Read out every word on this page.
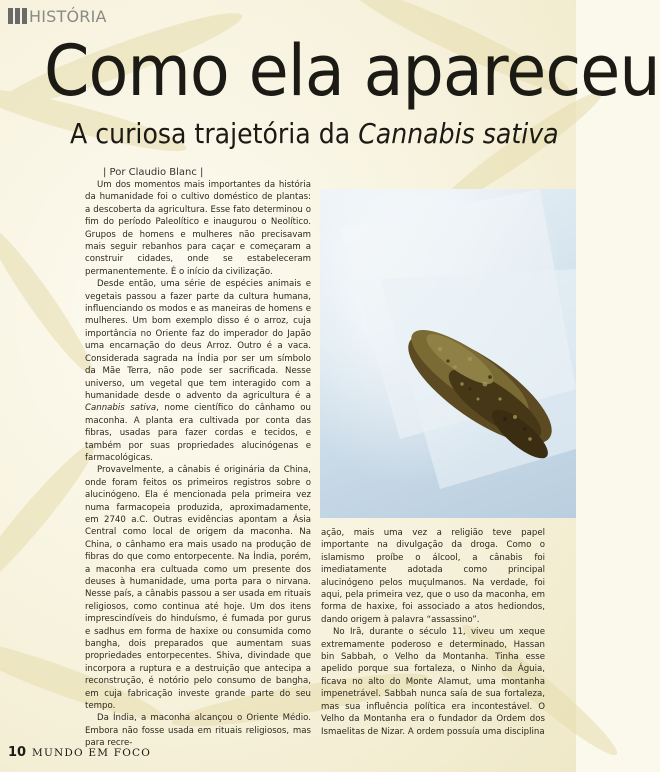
HISTÓRIA
Como ela apareceu
A curiosa trajetória da Cannabis sativa
| Por Claudio Blanc |

Um dos momentos mais importantes da história da humanidade foi o cultivo doméstico de plantas: a descoberta da agricultura. Esse fato determinou o fim do período Paleolítico e inaugurou o Neolítico. Grupos de homens e mulheres não precisavam mais seguir rebanhos para caçar e começaram a construir cidades, onde se estabeleceram permanentemente. É o início da civilização.

Desde então, uma série de espécies animais e vegetais passou a fazer parte da cultura humana, influenciando os modos e as maneiras de homens e mulheres. Um bom exemplo disso é o arroz, cuja importância no Oriente faz do imperador do Japão uma encarnação do deus Arroz. Outro é a vaca. Considerada sagrada na Índia por ser um símbolo da Mãe Terra, não pode ser sacrificada. Nesse universo, um vegetal que tem interagido com a humanidade desde o advento da agricultura é a Cannabis sativa, nome científico do cânhamo ou maconha. A planta era cultivada por conta das fibras, usadas para fazer cordas e tecidos, e também por suas propriedades alucinógenas e farmacológicas.

Provavelmente, a cânabis é originária da China, onde foram feitos os primeiros registros sobre o alucinógeno. Ela é mencionada pela primeira vez numa farmacopeia produzida, aproximadamente, em 2740 a.C. Outras evidências apontam a Ásia Central como local de origem da maconha. Na China, o cânhamo era mais usado na produção de fibras do que como entorpecente. Na Índia, porém, a maconha era cultuada como um presente dos deuses à humanidade, uma porta para o nirvana. Nesse país, a cânabis passou a ser usada em rituais religiosos, como continua até hoje. Um dos itens imprescindíveis do hinduísmo, é fumada por gurus e sadhus em forma de haxixe ou consumida como bangha, dois preparados que aumentam suas propriedades entorpecentes. Shiva, divindade que incorpora a ruptura e a destruição que antecipa a reconstrução, é notório pelo consumo de bangha, em cuja fabricação investe grande parte do seu tempo.

Da Índia, a maconha alcançou o Oriente Médio. Embora não fosse usada em rituais religiosos, mas para recre-

ação, mais uma vez a religião teve papel importante na divulgação da droga. Como o islamismo proíbe o álcool, a cânabis foi imediatamente adotada como principal alucinógeno pelos muçulmanos. Na verdade, foi aqui, pela primeira vez, que o uso da maconha, em forma de haxixe, foi associado a atos hediondos, dando origem à palavra “assassino”.

No Irã, durante o século 11, viveu um xeque extremamente poderoso e determinado, Hassan bin Sabbah, o Velho da Montanha. Tinha esse apelido porque sua fortaleza, o Ninho da Águia, ficava no alto do Monte Alamut, uma montanha impenetrável. Sabbah nunca saía de sua fortaleza, mas sua influência política era incontestável. O Velho da Montanha era o fundador da Ordem dos Ismaelitas de Nizar. A ordem possuía uma disciplina

10 MUNDO EM FOCO
